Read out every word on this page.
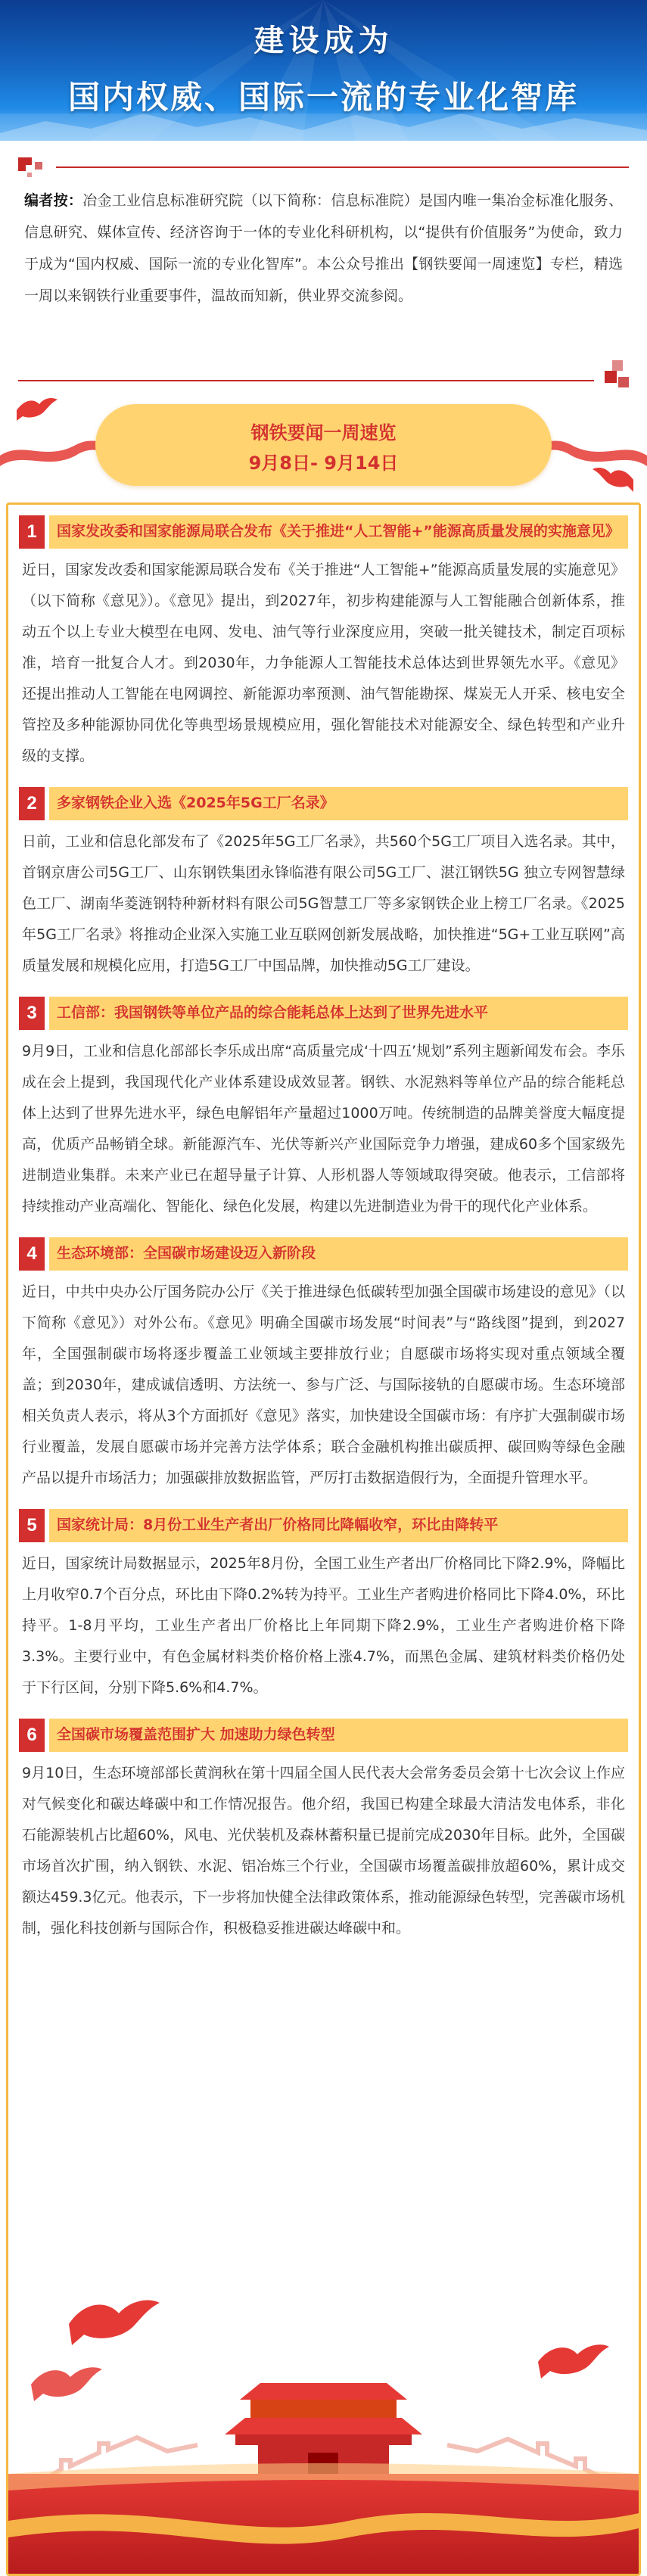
建设成为
国内权威、国际一流的专业化智库
编者按：冶金工业信息标准研究院（以下简称：信息标准院）是国内唯一集冶金标准化服务、信息研究、媒体宣传、经济咨询于一体的专业化科研机构，以“提供有价值服务”为使命，致力于成为“国内权威、国际一流的专业化智库”。本公众号推出【钢铁要闻一周速览】专栏，精选一周以来钢铁行业重要事件，温故而知新，供业界交流参阅。
钢铁要闻一周速览
9月8日- 9月14日
1	国家发改委和国家能源局联合发布《关于推进“人工智能+”能源高质量发展的实施意见》
近日，国家发改委和国家能源局联合发布《关于推进“人工智能+”能源高质量发展的实施意见》（以下简称《意见》）。《意见》提出，到2027年，初步构建能源与人工智能融合创新体系，推动五个以上专业大模型在电网、发电、油气等行业深度应用，突破一批关键技术，制定百项标准，培育一批复合人才。到2030年，力争能源人工智能技术总体达到世界领先水平。《意见》还提出推动人工智能在电网调控、新能源功率预测、油气智能勘探、煤炭无人开采、核电安全管控及多种能源协同优化等典型场景规模应用，强化智能技术对能源安全、绿色转型和产业升级的支撑。
2	多家钢铁企业入选《2025年5G工厂名录》
日前，工业和信息化部发布了《2025年5G工厂名录》，共560个5G工厂项目入选名录。其中，首钢京唐公司5G工厂、山东钢铁集团永锋临港有限公司5G工厂、湛江钢铁5G 独立专网智慧绿色工厂、湖南华菱涟钢特种新材料有限公司5G智慧工厂等多家钢铁企业上榜工厂名录。《2025年5G工厂名录》将推动企业深入实施工业互联网创新发展战略，加快推进“5G+工业互联网”高质量发展和规模化应用，打造5G工厂中国品牌，加快推动5G工厂建设。
3	工信部：我国钢铁等单位产品的综合能耗总体上达到了世界先进水平
9月9日，工业和信息化部部长李乐成出席“高质量完成‘十四五’规划”系列主题新闻发布会。李乐成在会上提到，我国现代化产业体系建设成效显著。钢铁、水泥熟料等单位产品的综合能耗总体上达到了世界先进水平，绿色电解铝年产量超过1000万吨。传统制造的品牌美誉度大幅度提高，优质产品畅销全球。新能源汽车、光伏等新兴产业国际竞争力增强，建成60多个国家级先进制造业集群。未来产业已在超导量子计算、人形机器人等领域取得突破。他表示，工信部将持续推动产业高端化、智能化、绿色化发展，构建以先进制造业为骨干的现代化产业体系。
4	生态环境部：全国碳市场建设迈入新阶段
近日，中共中央办公厅国务院办公厅《关于推进绿色低碳转型加强全国碳市场建设的意见》（以下简称《意见》）对外公布。《意见》明确全国碳市场发展“时间表”与“路线图”提到，到2027年，全国强制碳市场将逐步覆盖工业领域主要排放行业；自愿碳市场将实现对重点领域全覆盖；到2030年，建成诚信透明、方法统一、参与广泛、与国际接轨的自愿碳市场。生态环境部相关负责人表示，将从3个方面抓好《意见》落实，加快建设全国碳市场：有序扩大强制碳市场行业覆盖，发展自愿碳市场并完善方法学体系；联合金融机构推出碳质押、碳回购等绿色金融产品以提升市场活力；加强碳排放数据监管，严厉打击数据造假行为，全面提升管理水平。
5	国家统计局：8月份工业生产者出厂价格同比降幅收窄，环比由降转平
近日，国家统计局数据显示，2025年8月份，全国工业生产者出厂价格同比下降2.9%，降幅比上月收窄0.7个百分点，环比由下降0.2%转为持平。工业生产者购进价格同比下降4.0%，环比持平。1-8月平均，工业生产者出厂价格比上年同期下降2.9%，工业生产者购进价格下降3.3%。主要行业中，有色金属材料类价格价格上涨4.7%，而黑色金属、建筑材料类价格仍处于下行区间，分别下降5.6%和4.7%。
6	全国碳市场覆盖范围扩大 加速助力绿色转型
9月10日，生态环境部部长黄润秋在第十四届全国人民代表大会常务委员会第十七次会议上作应对气候变化和碳达峰碳中和工作情况报告。他介绍，我国已构建全球最大清洁发电体系，非化石能源装机占比超60%，风电、光伏装机及森林蓄积量已提前完成2030年目标。此外，全国碳市场首次扩围，纳入钢铁、水泥、铝冶炼三个行业，全国碳市场覆盖碳排放超60%，累计成交额达459.3亿元。他表示，下一步将加快健全法律政策体系，推动能源绿色转型，完善碳市场机制，强化科技创新与国际合作，积极稳妥推进碳达峰碳中和。
